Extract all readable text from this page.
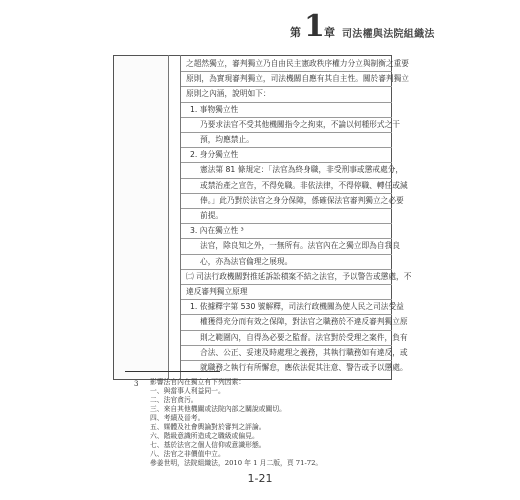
第 1 章 司法權與法院組織法
3 影響法官內在獨立有下列因素：
一、與當事人利益同一。
二、法官貪污。
三、來自其他機關或法院內部之關說或關切。
四、考績及晉考。
五、媒體及社會輿論對於審判之評論。
六、階級意識所造成之職級或偏見。
七、基於法官之個人信仰或意識形態。
八、法官之非價值中立。
參姜世明，法院組織法，2010 年 1 月二版，頁 71-72。
1-21
之超然獨立，審判獨立乃自由民主憲政秩序權力分立與制衡之重要
原則，為實現審判獨立，司法機關自應有其自主性。關於審判獨立
原則之內涵，說明如下：
1. 事物獨立性
乃要求法官不受其他機關指令之拘束，不論以何種形式之干
預，均應禁止。
2. 身分獨立性
憲法第 81 條規定：「法官為終身職，非受刑事或懲戒處分，
或禁治產之宣告，不得免職。非依法律，不得停職、轉任或減
俸。」此乃對於法官之身分保障，係確保法官審判獨立之必要
前提。
3. 內在獨立性 ³
法官，除良知之外，一無所有。法官內在之獨立即為自我良
心，亦為法官倫理之展現。
㈡ 司法行政機關對推延訴訟積案不結之法官，予以警告或懲處，不
違反審判獨立原理
1. 依據釋字第 530 號解釋，司法行政機關為使人民之司法受益
權獲得充分而有效之保障，對法官之職務於不違反審判獨立原
則之範圍內，自得為必要之監督。法官對於受理之案件，負有
合法、公正、妥速及時處理之義務，其執行職務如有違反，或
就職務之執行有所懈怠，應依法促其注意、警告或予以懲處。
